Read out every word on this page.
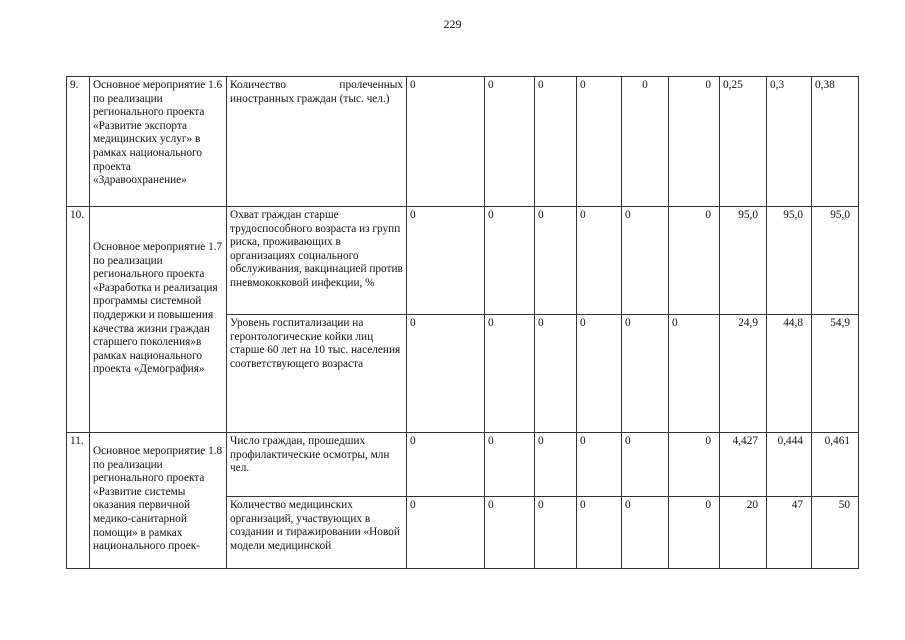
229
9.	Основное мероприятие 1.6 по реализации регионального проекта «Развитие экспорта медицинских услуг» в рамках национального проекта «Здравоохранение»	Количество пролеченных иностранных граждан (тыс. чел.)	0	0	0	0	0	0	0,25	0,3	0,38
10.	Основное мероприятие 1.7 по реализации регионального проекта «Разработка и реализация программы системной поддержки и повышения качества жизни граждан старшего поколения»в рамках национального проекта «Демография»	Охват граждан старше трудоспособного возраста из групп риска, проживающих в организациях социального обслуживания, вакцинацией против пневмококковой инфекции, %	0	0	0	0	0	0	95,0	95,0	95,0
		Уровень госпитализации на геронтологические койки лиц старше 60 лет на 10 тыс. населения соответствующего возраста	0	0	0	0	0	0	24,9	44,8	54,9
11.	Основное мероприятие 1.8 по реализации регионального проекта «Развитие системы оказания первичной медико-санитарной помощи» в рамках национального проек-	Число граждан, прошедших профилактические осмотры, млн чел.	0	0	0	0	0	0	4,427	0,444	0,461
		Количество медицинских организаций, участвующих в создании и тиражировании «Новой модели медицинской	0	0	0	0	0	0	20	47	50
